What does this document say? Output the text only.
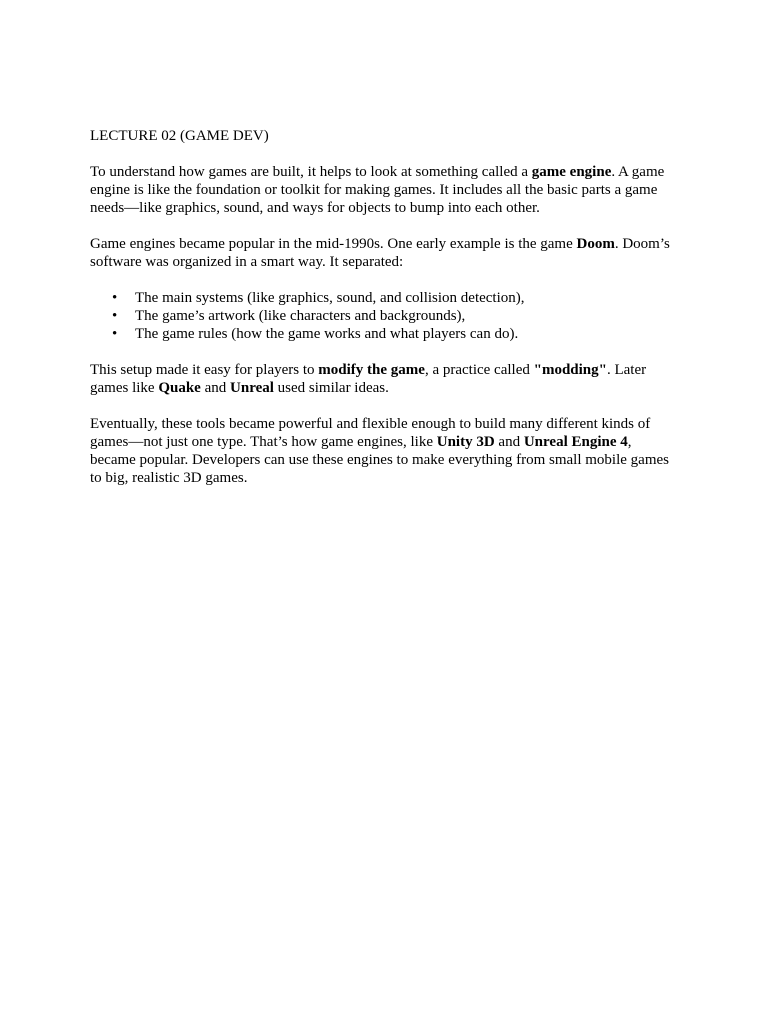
LECTURE 02 (GAME DEV)

To understand how games are built, it helps to look at something called a game engine. A game engine is like the foundation or toolkit for making games. It includes all the basic parts a game needs—like graphics, sound, and ways for objects to bump into each other.

Game engines became popular in the mid-1990s. One early example is the game Doom. Doom’s software was organized in a smart way. It separated:

• The main systems (like graphics, sound, and collision detection),
• The game’s artwork (like characters and backgrounds),
• The game rules (how the game works and what players can do).

This setup made it easy for players to modify the game, a practice called "modding". Later games like Quake and Unreal used similar ideas.

Eventually, these tools became powerful and flexible enough to build many different kinds of games—not just one type. That’s how game engines, like Unity 3D and Unreal Engine 4, became popular. Developers can use these engines to make everything from small mobile games to big, realistic 3D games.
